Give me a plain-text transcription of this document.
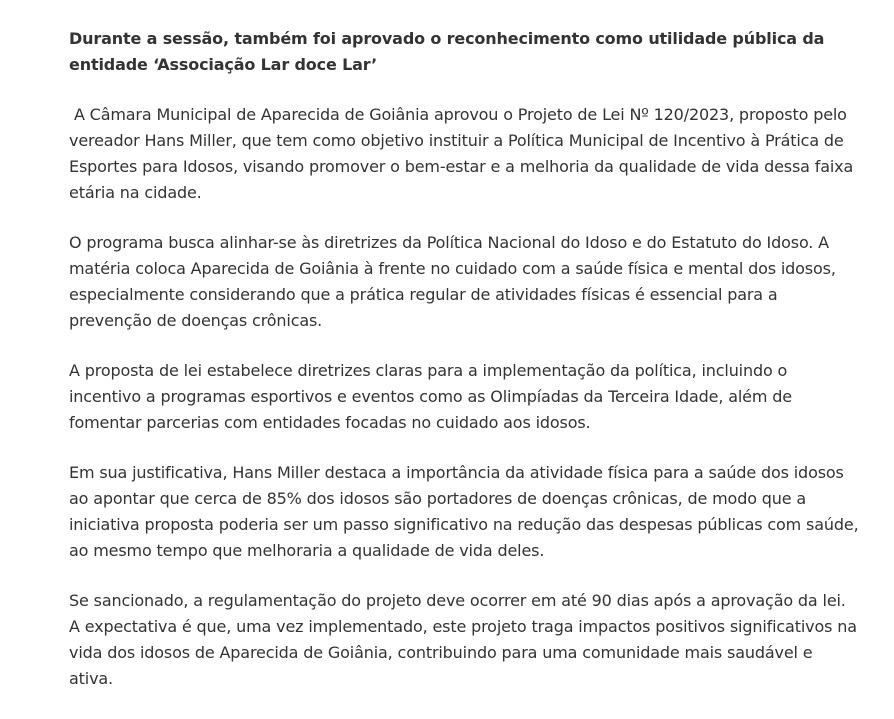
Durante a sessão, também foi aprovado o reconhecimento como utilidade pública da entidade ‘Associação Lar doce Lar’

A Câmara Municipal de Aparecida de Goiânia aprovou o Projeto de Lei Nº 120/2023, proposto pelo vereador Hans Miller, que tem como objetivo instituir a Política Municipal de Incentivo à Prática de Esportes para Idosos, visando promover o bem-estar e a melhoria da qualidade de vida dessa faixa etária na cidade.

O programa busca alinhar-se às diretrizes da Política Nacional do Idoso e do Estatuto do Idoso. A matéria coloca Aparecida de Goiânia à frente no cuidado com a saúde física e mental dos idosos, especialmente considerando que a prática regular de atividades físicas é essencial para a prevenção de doenças crônicas.

A proposta de lei estabelece diretrizes claras para a implementação da política, incluindo o incentivo a programas esportivos e eventos como as Olimpíadas da Terceira Idade, além de fomentar parcerias com entidades focadas no cuidado aos idosos.

Em sua justificativa, Hans Miller destaca a importância da atividade física para a saúde dos idosos ao apontar que cerca de 85% dos idosos são portadores de doenças crônicas, de modo que a iniciativa proposta poderia ser um passo significativo na redução das despesas públicas com saúde, ao mesmo tempo que melhoraria a qualidade de vida deles.

Se sancionado, a regulamentação do projeto deve ocorrer em até 90 dias após a aprovação da lei. A expectativa é que, uma vez implementado, este projeto traga impactos positivos significativos na vida dos idosos de Aparecida de Goiânia, contribuindo para uma comunidade mais saudável e ativa.
